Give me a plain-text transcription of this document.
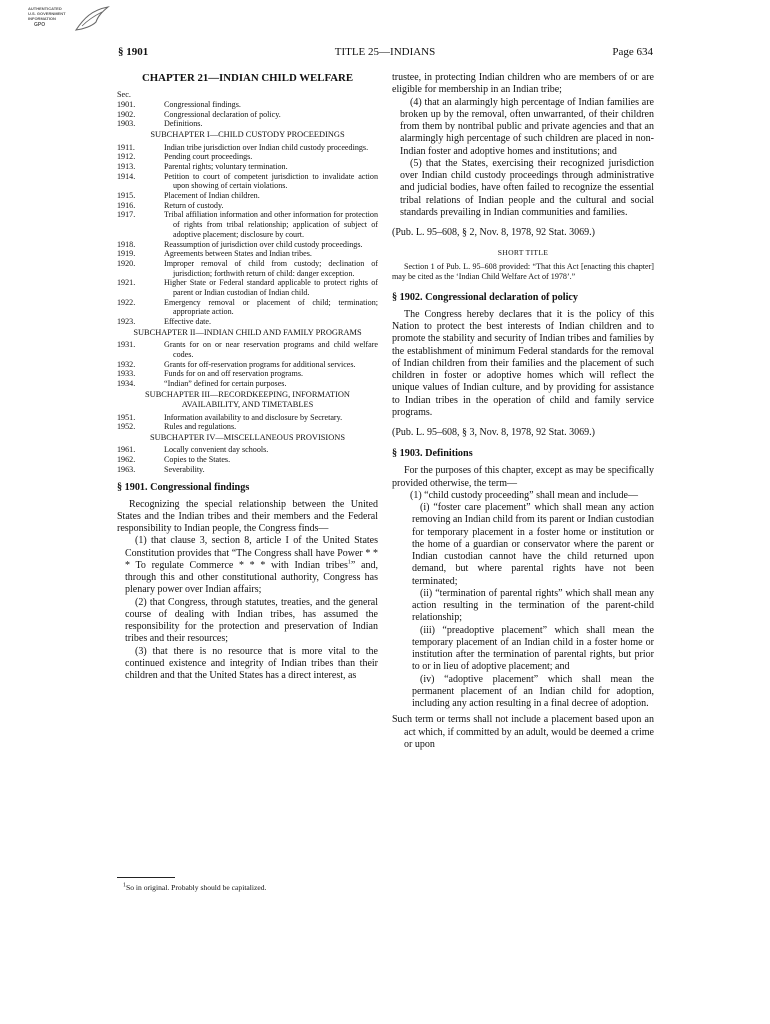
AUTHENTICATED
U.S. GOVERNMENT
INFORMATION
GPO
§ 1901	TITLE 25—INDIANS	Page 634
CHAPTER 21—INDIAN CHILD WELFARE
Sec.
1901.	Congressional findings.
1902.	Congressional declaration of policy.
1903.	Definitions.
SUBCHAPTER I—CHILD CUSTODY PROCEEDINGS
1911.	Indian tribe jurisdiction over Indian child custody proceedings.
1912.	Pending court proceedings.
1913.	Parental rights; voluntary termination.
1914.	Petition to court of competent jurisdiction to invalidate action upon showing of certain violations.
1915.	Placement of Indian children.
1916.	Return of custody.
1917.	Tribal affiliation information and other information for protection of rights from tribal relationship; application of subject of adoptive placement; disclosure by court.
1918.	Reassumption of jurisdiction over child custody proceedings.
1919.	Agreements between States and Indian tribes.
1920.	Improper removal of child from custody; declination of jurisdiction; forthwith return of child: danger exception.
1921.	Higher State or Federal standard applicable to protect rights of parent or Indian custodian of Indian child.
1922.	Emergency removal or placement of child; termination; appropriate action.
1923.	Effective date.
SUBCHAPTER II—INDIAN CHILD AND FAMILY PROGRAMS
1931.	Grants for on or near reservation programs and child welfare codes.
1932.	Grants for off-reservation programs for additional services.
1933.	Funds for on and off reservation programs.
1934.	“Indian” defined for certain purposes.
SUBCHAPTER III—RECORDKEEPING, INFORMATION AVAILABILITY, AND TIMETABLES
1951.	Information availability to and disclosure by Secretary.
1952.	Rules and regulations.
SUBCHAPTER IV—MISCELLANEOUS PROVISIONS
1961.	Locally convenient day schools.
1962.	Copies to the States.
1963.	Severability.
§ 1901. Congressional findings
Recognizing the special relationship between the United States and the Indian tribes and their members and the Federal responsibility to Indian people, the Congress finds—
(1) that clause 3, section 8, article I of the United States Constitution provides that “The Congress shall have Power * * * To regulate Commerce * * * with Indian tribes$^1$” and, through this and other constitutional authority, Congress has plenary power over Indian affairs;
(2) that Congress, through statutes, treaties, and the general course of dealing with Indian tribes, has assumed the responsibility for the protection and preservation of Indian tribes and their resources;
(3) that there is no resource that is more vital to the continued existence and integrity of Indian tribes than their children and that the United States has a direct interest, as
$^1$So in original. Probably should be capitalized.
trustee, in protecting Indian children who are members of or are eligible for membership in an Indian tribe;
(4) that an alarmingly high percentage of Indian families are broken up by the removal, often unwarranted, of their children from them by nontribal public and private agencies and that an alarmingly high percentage of such children are placed in non-Indian foster and adoptive homes and institutions; and
(5) that the States, exercising their recognized jurisdiction over Indian child custody proceedings through administrative and judicial bodies, have often failed to recognize the essential tribal relations of Indian people and the cultural and social standards prevailing in Indian communities and families.
(Pub. L. 95–608, § 2, Nov. 8, 1978, 92 Stat. 3069.)
SHORT TITLE
Section 1 of Pub. L. 95–608 provided: “That this Act [enacting this chapter] may be cited as the ‘Indian Child Welfare Act of 1978’.”
§ 1902. Congressional declaration of policy
The Congress hereby declares that it is the policy of this Nation to protect the best interests of Indian children and to promote the stability and security of Indian tribes and families by the establishment of minimum Federal standards for the removal of Indian children from their families and the placement of such children in foster or adoptive homes which will reflect the unique values of Indian culture, and by providing for assistance to Indian tribes in the operation of child and family service programs.
(Pub. L. 95–608, § 3, Nov. 8, 1978, 92 Stat. 3069.)
§ 1903. Definitions
For the purposes of this chapter, except as may be specifically provided otherwise, the term—
(1) “child custody proceeding” shall mean and include—
(i) “foster care placement” which shall mean any action removing an Indian child from its parent or Indian custodian for temporary placement in a foster home or institution or the home of a guardian or conservator where the parent or Indian custodian cannot have the child returned upon demand, but where parental rights have not been terminated;
(ii) “termination of parental rights” which shall mean any action resulting in the termination of the parent-child relationship;
(iii) “preadoptive placement” which shall mean the temporary placement of an Indian child in a foster home or institution after the termination of parental rights, but prior to or in lieu of adoptive placement; and
(iv) “adoptive placement” which shall mean the permanent placement of an Indian child for adoption, including any action resulting in a final decree of adoption.
Such term or terms shall not include a placement based upon an act which, if committed by an adult, would be deemed a crime or upon
